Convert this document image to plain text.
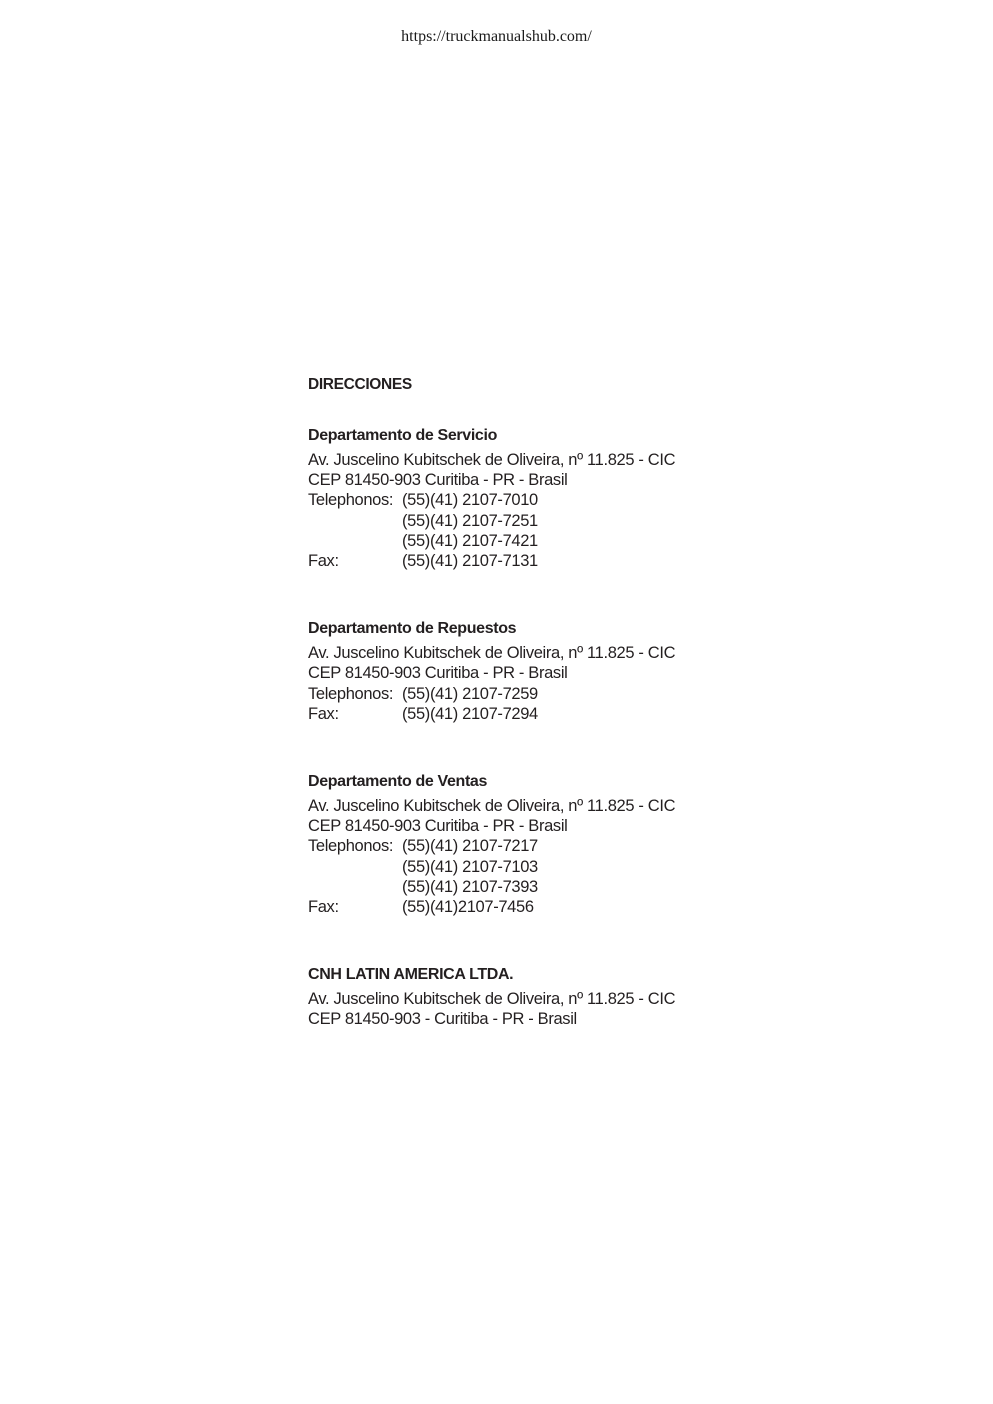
https://truckmanualshub.com/
DIRECCIONES
Departamento de Servicio
Av. Juscelino Kubitschek de Oliveira, nº 11.825 - CIC
CEP 81450-903 Curitiba - PR - Brasil
Telephonos: (55)(41) 2107-7010
(55)(41) 2107-7251
(55)(41) 2107-7421
Fax:	(55)(41) 2107-7131
Departamento de Repuestos
Av. Juscelino Kubitschek de Oliveira, nº 11.825 - CIC
CEP 81450-903 Curitiba - PR - Brasil
Telephonos: (55)(41) 2107-7259
Fax:	(55)(41) 2107-7294
Departamento de Ventas
Av. Juscelino Kubitschek de Oliveira, nº 11.825 - CIC
CEP 81450-903 Curitiba - PR - Brasil
Telephonos: (55)(41) 2107-7217
(55)(41) 2107-7103
(55)(41) 2107-7393
Fax:	(55)(41)2107-7456
CNH LATIN AMERICA LTDA.
Av. Juscelino Kubitschek de Oliveira, nº 11.825 - CIC
CEP 81450-903 - Curitiba - PR - Brasil
